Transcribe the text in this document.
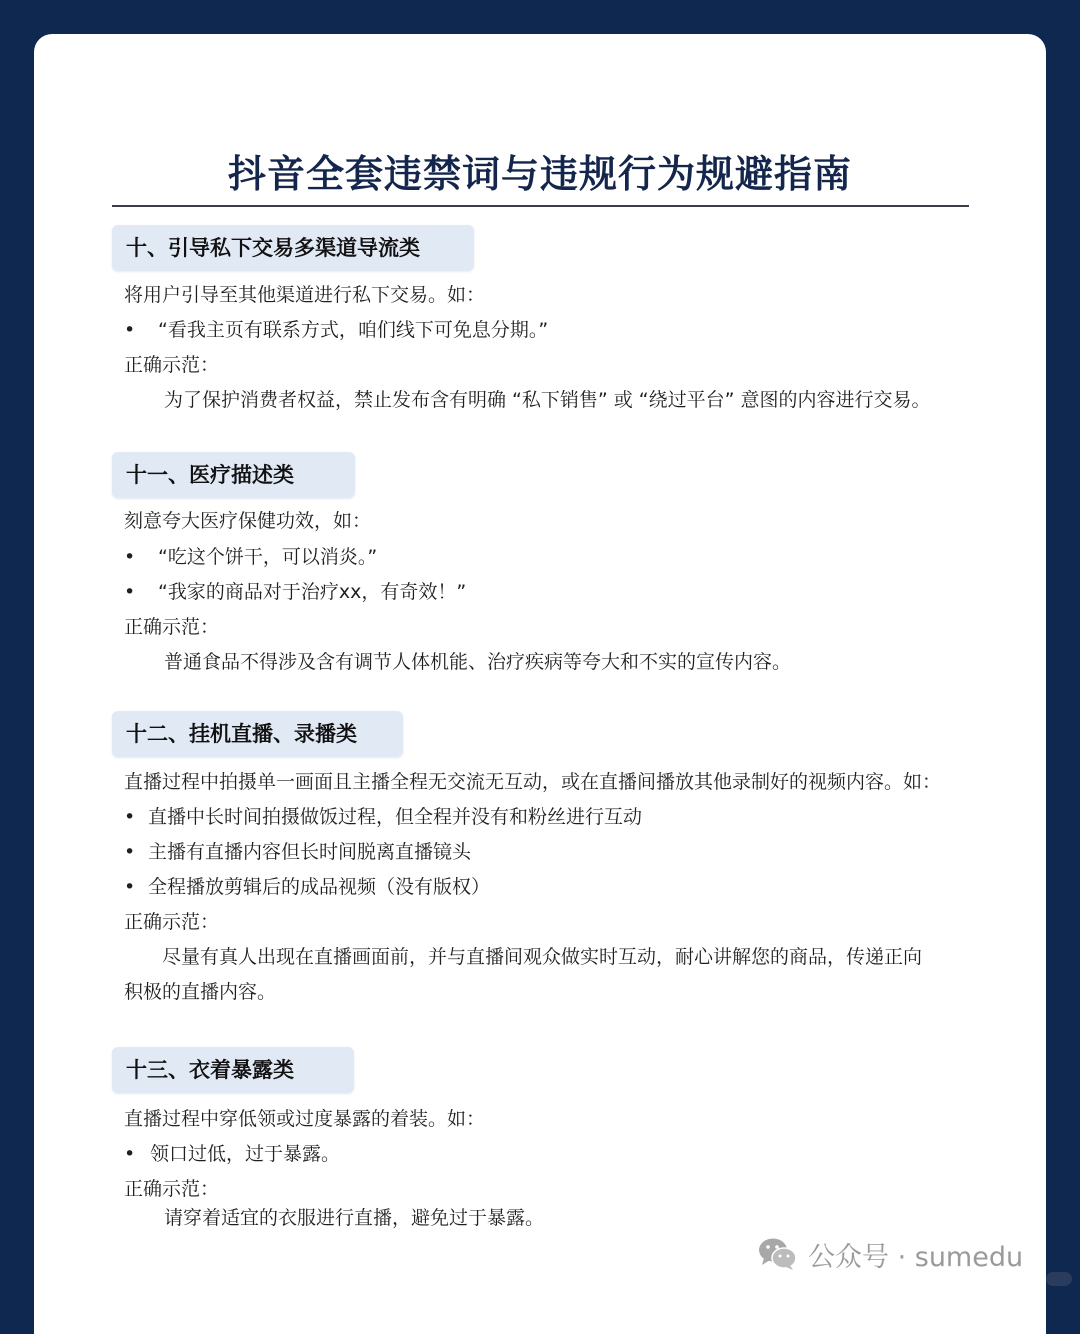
抖音全套违禁词与违规行为规避指南
十、引导私下交易多渠道导流类
将用户引导至其他渠道进行私下交易。如：
• “看我主页有联系方式，咱们线下可免息分期。”
正确示范：
为了保护消费者权益，禁止发布含有明确 “私下销售” 或 “绕过平台” 意图的内容进行交易。
十一、医疗描述类
刻意夸大医疗保健功效，如：
• “吃这个饼干，可以消炎。”
• “我家的商品对于治疗xx，有奇效！”
正确示范：
普通食品不得涉及含有调节人体机能、治疗疾病等夸大和不实的宣传内容。
十二、挂机直播、录播类
直播过程中拍摄单一画面且主播全程无交流无互动，或在直播间播放其他录制好的视频内容。如：
• 直播中长时间拍摄做饭过程，但全程并没有和粉丝进行互动
• 主播有直播内容但长时间脱离直播镜头
• 全程播放剪辑后的成品视频（没有版权）
正确示范：
尽量有真人出现在直播画面前，并与直播间观众做实时互动，耐心讲解您的商品，传递正向
积极的直播内容。
十三、衣着暴露类
直播过程中穿低领或过度暴露的着装。如：
• 领口过低，过于暴露。
正确示范：
请穿着适宜的衣服进行直播，避免过于暴露。
公众号 · sumedu
